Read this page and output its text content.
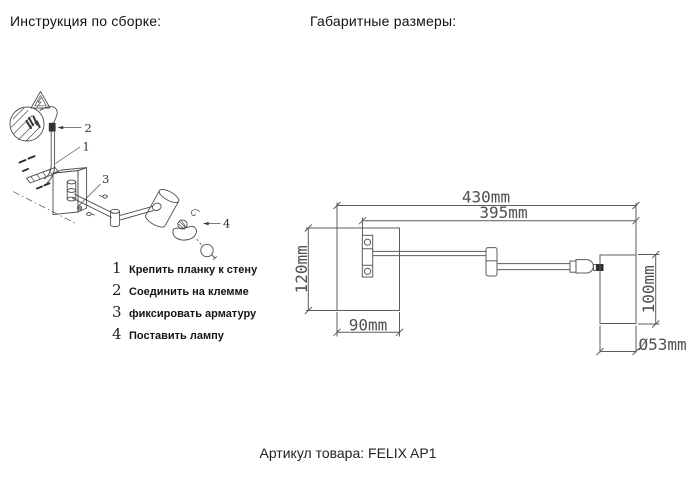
Инструкция по сборке:	Габаритные размеры:
2
1
3
4
1 Крепить планку к стену
2 Соединить на клемме
3 фиксировать арматуру
4 Поставить лампу
430mm
395mm
120mm
90mm
100mm
Ø53mm
Артикул товара: FELIX AP1
